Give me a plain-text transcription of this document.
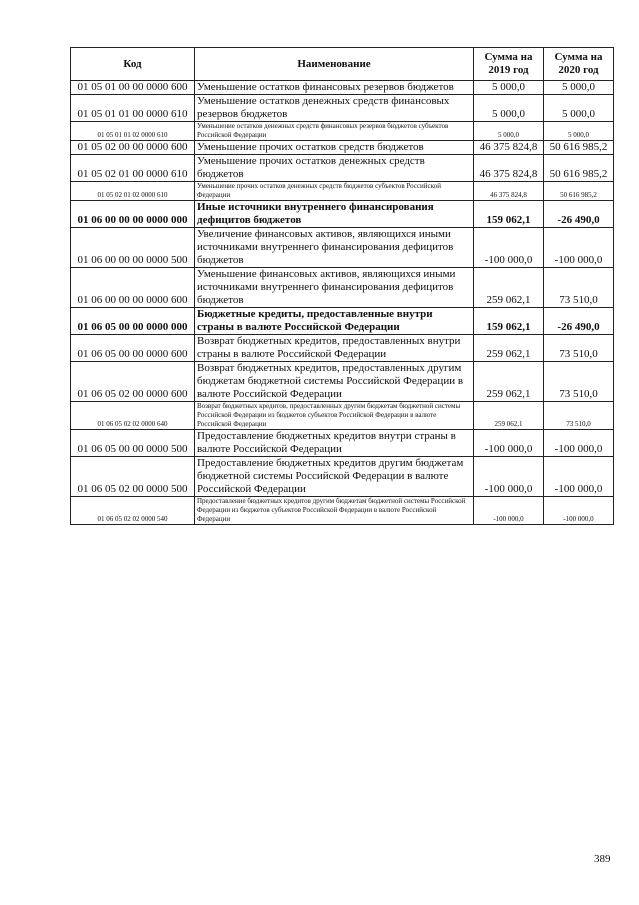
Код	Наименование	Сумма на 2019 год	Сумма на 2020 год
01 05 01 00 00 0000 600	Уменьшение остатков финансовых резервов бюджетов	5 000,0	5 000,0
01 05 01 01 00 0000 610	Уменьшение остатков денежных средств финансовых резервов бюджетов	5 000,0	5 000,0
01 05 01 01 02 0000 610	Уменьшение остатков денежных средств финансовых резервов бюджетов субъектов Российской Федерации	5 000,0	5 000,0
01 05 02 00 00 0000 600	Уменьшение прочих остатков средств бюджетов	46 375 824,8	50 616 985,2
01 05 02 01 00 0000 610	Уменьшение прочих остатков денежных средств бюджетов	46 375 824,8	50 616 985,2
01 05 02 01 02 0000 610	Уменьшение прочих остатков денежных средств бюджетов субъектов Российской Федерации	46 375 824,8	50 616 985,2
01 06 00 00 00 0000 000	Иные источники внутреннего финансирования дефицитов бюджетов	159 062,1	-26 490,0
01 06 00 00 00 0000 500	Увеличение финансовых активов, являющихся иными источниками внутреннего финансирования дефицитов бюджетов	-100 000,0	-100 000,0
01 06 00 00 00 0000 600	Уменьшение финансовых активов, являющихся иными источниками внутреннего финансирования дефицитов бюджетов	259 062,1	73 510,0
01 06 05 00 00 0000 000	Бюджетные кредиты, предоставленные внутри страны в валюте Российской Федерации	159 062,1	-26 490,0
01 06 05 00 00 0000 600	Возврат бюджетных кредитов, предоставленных внутри страны в валюте Российской Федерации	259 062,1	73 510,0
01 06 05 02 00 0000 600	Возврат бюджетных кредитов, предоставленных другим бюджетам бюджетной системы Российской Федерации в валюте Российской Федерации	259 062,1	73 510,0
01 06 05 02 02 0000 640	Возврат бюджетных кредитов, предоставленных другим бюджетам бюджетной системы Российской Федерации из бюджетов субъектов Российской Федерации в валюте Российской Федерации	259 062,1	73 510,0
01 06 05 00 00 0000 500	Предоставление бюджетных кредитов внутри страны в валюте Российской Федерации	-100 000,0	-100 000,0
01 06 05 02 00 0000 500	Предоставление бюджетных кредитов другим бюджетам бюджетной системы Российской Федерации в валюте Российской Федерации	-100 000,0	-100 000,0
01 06 05 02 02 0000 540	Предоставление бюджетных кредитов другим бюджетам бюджетной системы Российской Федерации из бюджетов субъектов Российской Федерации в валюте Российской Федерации	-100 000,0	-100 000,0
389
